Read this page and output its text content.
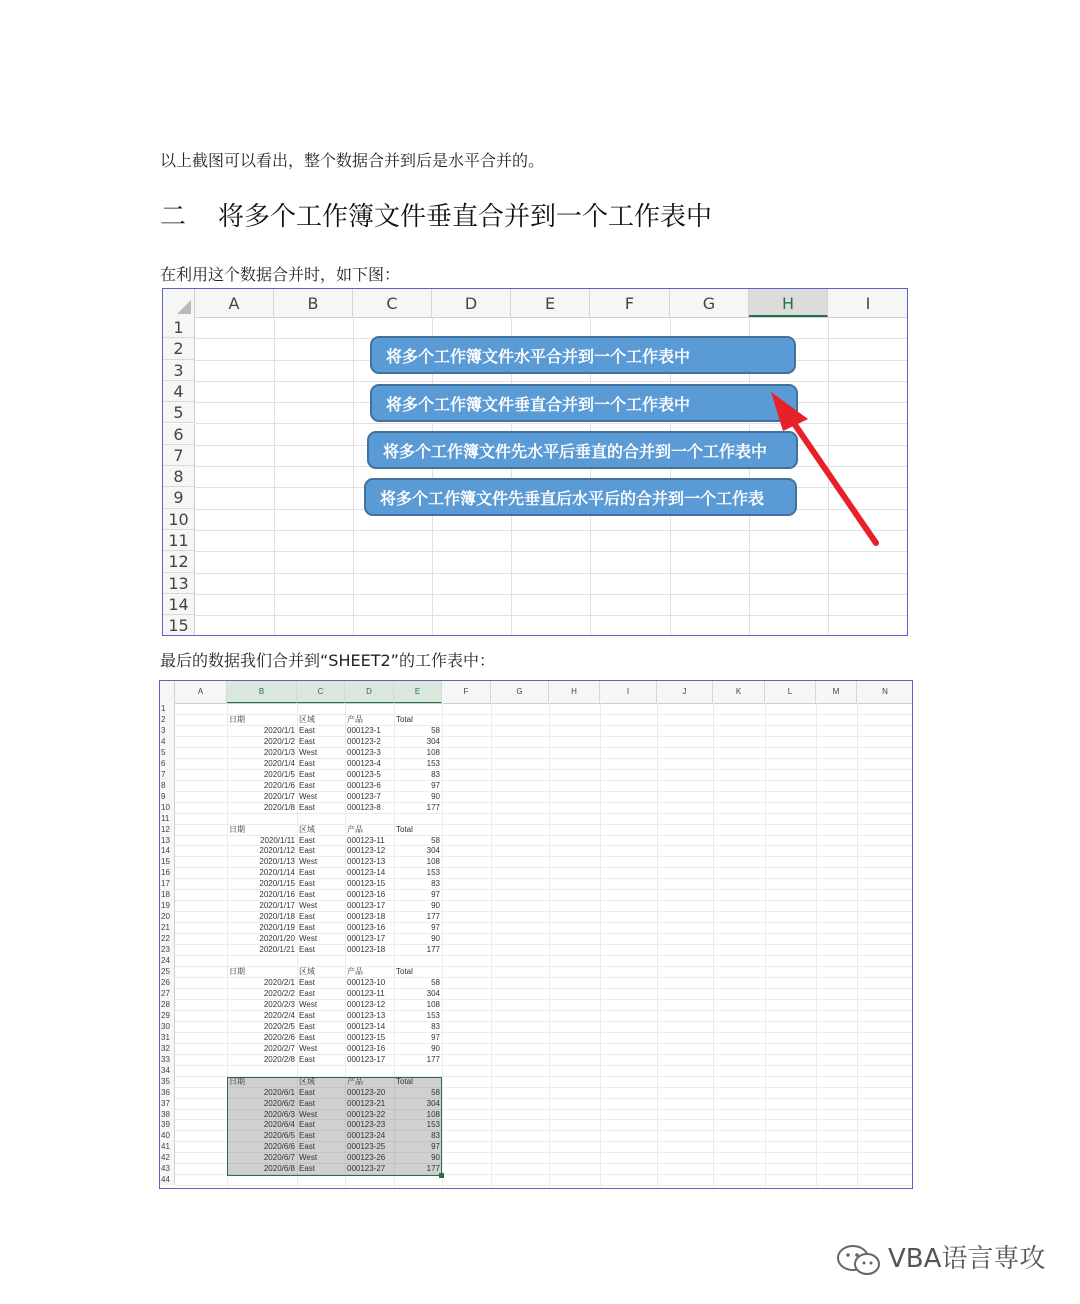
以上截图可以看出，整个数据合并到后是水平合并的。
二 将多个工作簿文件垂直合并到一个工作表中
在利用这个数据合并时，如下图：
A	B	C	D	E	F	G	H	I
1
2
3
4
5
6
7
8
9
10
11
12
13
14
15
将多个工作簿文件水平合并到一个工作表中
将多个工作簿文件垂直合并到一个工作表中
将多个工作簿文件先水平后垂直的合并到一个工作表中
将多个工作簿文件先垂直后水平后的合并到一个工作表
最后的数据我们合并到“SHEET2”的工作表中：
A	B	C	D	E	F	G	H	I	J	K	L	M	N
1
2
3
4
5
6
7
8
9
10
11
12
13
14
15
16
17
18
19
20
21
22
23
24
25
26
27
28
29
30
31
32
33
34
35
36
37
38
39
40
41
42
43
44
日期	区域	产品	Total
2020/1/1 East	000123-1	58
2020/1/2 East	000123-2	304
2020/1/3 West	000123-3	108
2020/1/4 East	000123-4	153
2020/1/5 East	000123-5	83
2020/1/6 East	000123-6	97
2020/1/7 West	000123-7	90
2020/1/8 East	000123-8	177
日期	区域	产品	Total
2020/1/11 East	000123-11	58
2020/1/12 East	000123-12	304
2020/1/13 West	000123-13	108
2020/1/14 East	000123-14	153
2020/1/15 East	000123-15	83
2020/1/16 East	000123-16	97
2020/1/17 West	000123-17	90
2020/1/18 East	000123-18	177
2020/1/19 East	000123-16	97
2020/1/20 West	000123-17	90
2020/1/21 East	000123-18	177
日期	区域	产品	Total
2020/2/1 East	000123-10	58
2020/2/2 East	000123-11	304
2020/2/3 West	000123-12	108
2020/2/4 East	000123-13	153
2020/2/5 East	000123-14	83
2020/2/6 East	000123-15	97
2020/2/7 West	000123-16	90
2020/2/8 East	000123-17	177
日期	区域	产品	Total
2020/6/1 East	000123-20	58
2020/6/2 East	000123-21	304
2020/6/3 West	000123-22	108
2020/6/4 East	000123-23	153
2020/6/5 East	000123-24	83
2020/6/6 East	000123-25	97
2020/6/7 West	000123-26	90
2020/6/8 East	000123-27	177
VBA语言専攻
